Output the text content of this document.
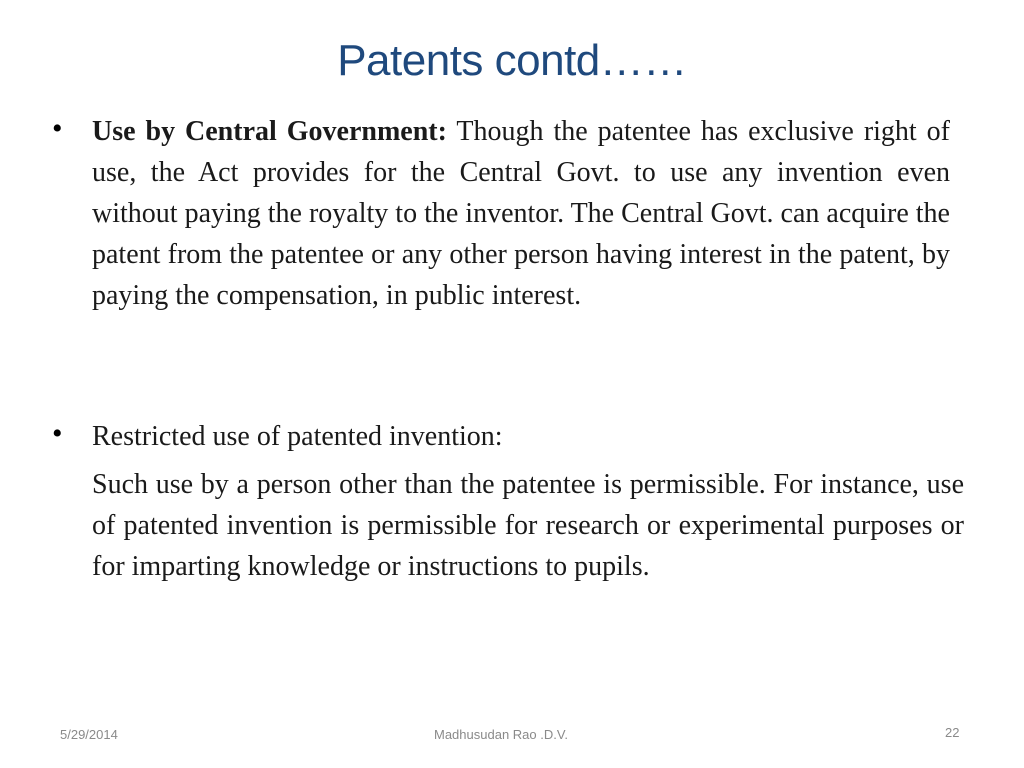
Patents contd……
• Use by Central Government: Though the patentee has exclusive right of use, the Act provides for the Central Govt. to use any invention even without paying the royalty to the inventor. The Central Govt. can acquire the patent from the patentee or any other person having interest in the patent, by paying the compensation, in public interest.
• Restricted use of patented invention:
Such use by a person other than the patentee is permissible. For instance, use of patented invention is permissible for research or experimental purposes or for imparting knowledge or instructions to pupils.
5/29/2014	Madhusudan Rao .D.V.	22
